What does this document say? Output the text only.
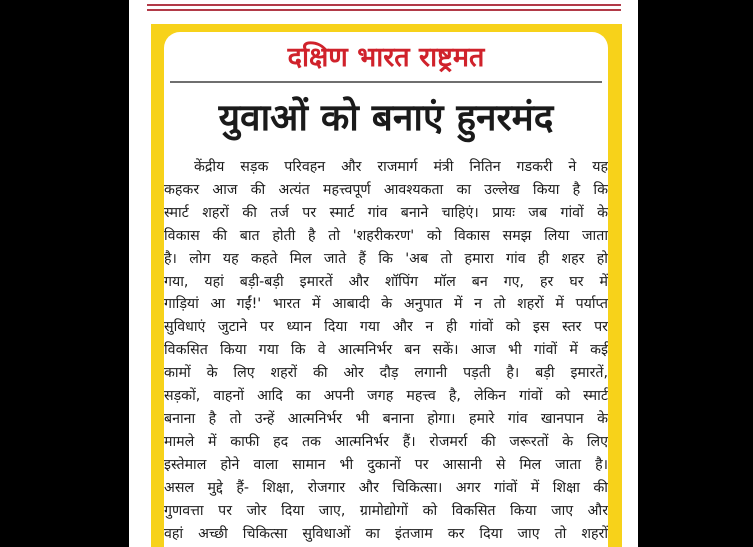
दक्षिण भारत राष्ट्रमत
युवाओं को बनाएं हुनरमंद
केंद्रीय सड़क परिवहन और राजमार्ग मंत्री नितिन गडकरी ने यह
कहकर आज की अत्यंत महत्त्वपूर्ण आवश्यकता का उल्लेख किया है कि
स्मार्ट शहरों की तर्ज पर स्मार्ट गांव बनाने चाहिएं। प्रायः जब गांवों के
विकास की बात होती है तो 'शहरीकरण' को विकास समझ लिया जाता
है। लोग यह कहते मिल जाते हैं कि 'अब तो हमारा गांव ही शहर हो
गया, यहां बड़ी-बड़ी इमारतें और शॉपिंग मॉल बन गए, हर घर में
गाड़ियां आ गईं!' भारत में आबादी के अनुपात में न तो शहरों में पर्याप्त
सुविधाएं जुटाने पर ध्यान दिया गया और न ही गांवों को इस स्तर पर
विकसित किया गया कि वे आत्मनिर्भर बन सकें। आज भी गांवों में कई
कामों के लिए शहरों की ओर दौड़ लगानी पड़ती है। बड़ी इमारतें,
सड़कों, वाहनों आदि का अपनी जगह महत्त्व है, लेकिन गांवों को स्मार्ट
बनाना है तो उन्हें आत्मनिर्भर भी बनाना होगा। हमारे गांव खानपान के
मामले में काफी हद तक आत्मनिर्भर हैं। रोजमर्रा की जरूरतों के लिए
इस्तेमाल होने वाला सामान भी दुकानों पर आसानी से मिल जाता है।
असल मुद्दे हैं- शिक्षा, रोजगार और चिकित्सा। अगर गांवों में शिक्षा की
गुणवत्ता पर जोर दिया जाए, ग्रामोद्योगों को विकसित किया जाए और
वहां अच्छी चिकित्सा सुविधाओं का इंतजाम कर दिया जाए तो शहरों
